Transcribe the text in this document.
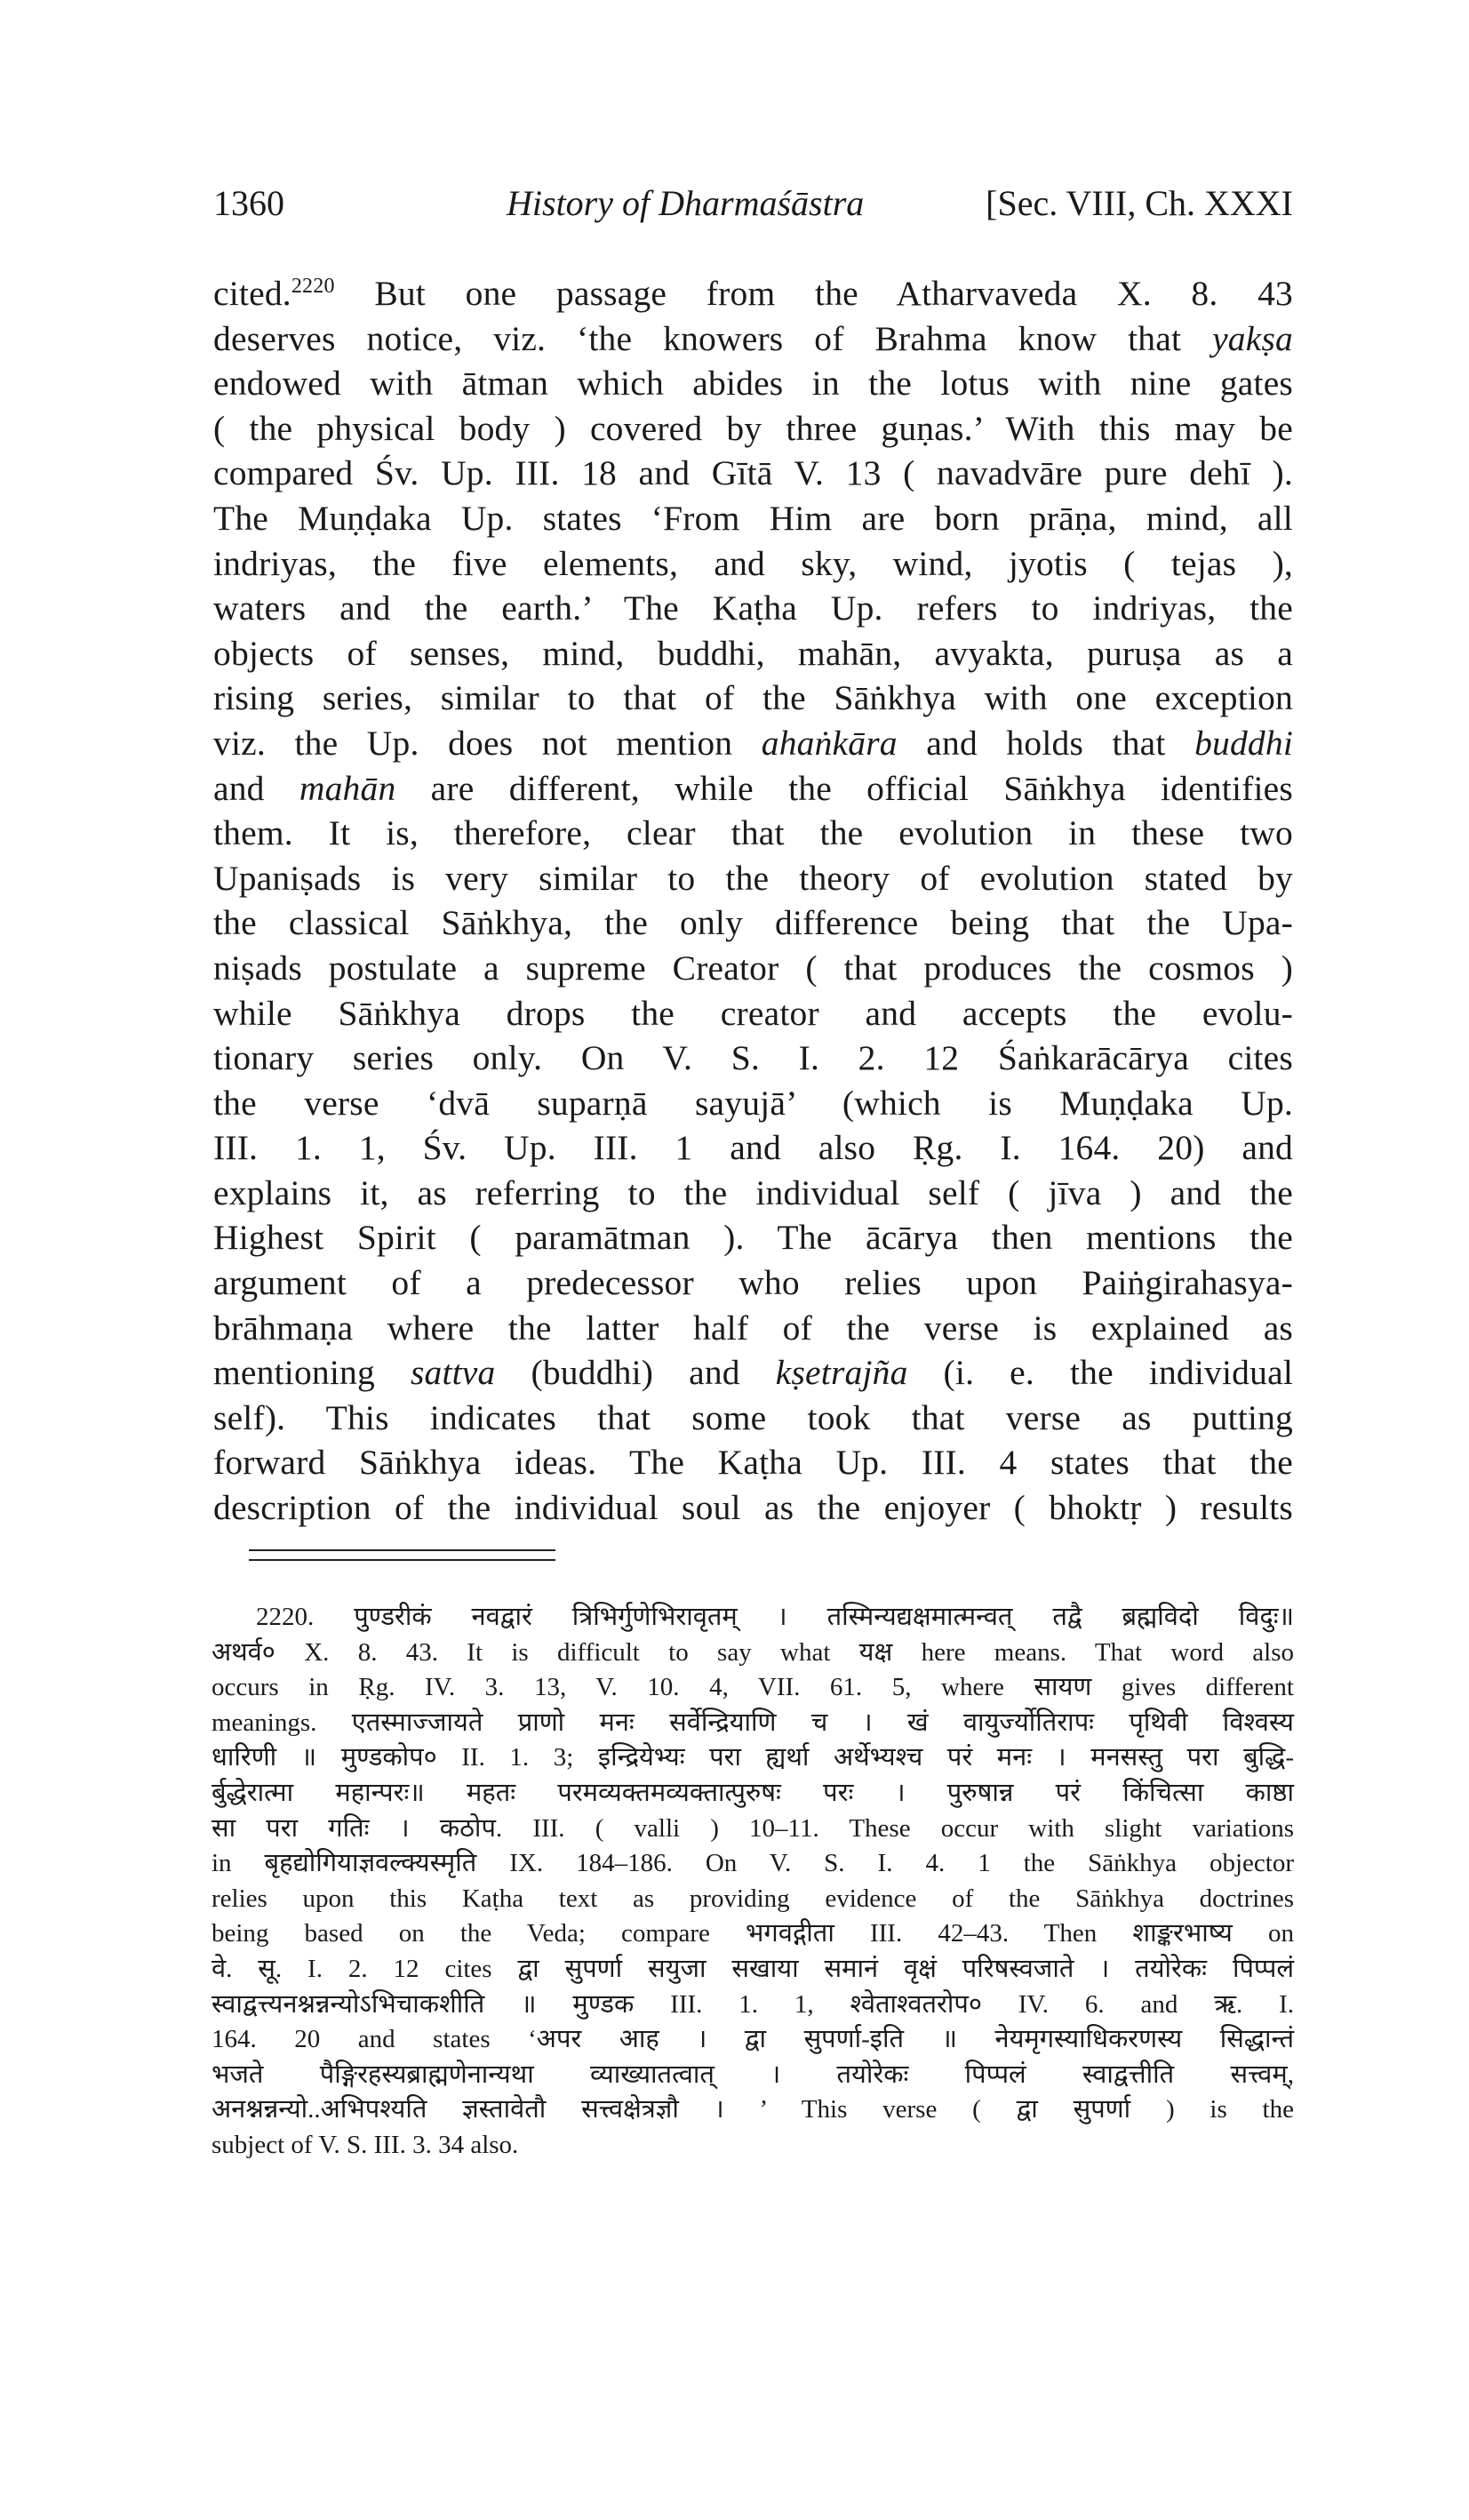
1360	History of Dharmaśāstra	[Sec. VIII, Ch. XXXI
cited.$^{2220}$ But one passage from the Atharvaveda X. 8. 43
deserves notice, viz. ‘the knowers of Brahma know that yakṣa
endowed with ātman which abides in the lotus with nine gates
( the physical body ) covered by three guṇas.’ With this may be
compared Śv. Up. III. 18 and Gītā V. 13 ( navadvāre pure dehī ).
The Muṇḍaka Up. states ‘From Him are born prāṇa, mind, all
indriyas, the five elements, and sky, wind, jyotis ( tejas ),
waters and the earth.’ The Kaṭha Up. refers to indriyas, the
objects of senses, mind, buddhi, mahān, avyakta, puruṣa as a
rising series, similar to that of the Sāṅkhya with one exception
viz. the Up. does not mention ahaṅkāra and holds that buddhi
and mahān are different, while the official Sāṅkhya identifies
them. It is, therefore, clear that the evolution in these two
Upaniṣads is very similar to the theory of evolution stated by
the classical Sāṅkhya, the only difference being that the Upa-
niṣads postulate a supreme Creator ( that produces the cosmos )
while Sāṅkhya drops the creator and accepts the evolu-
tionary series only. On V. S. I. 2. 12 Śaṅkarācārya cites
the verse ‘dvā suparṇā sayujā’ (which is Muṇḍaka Up.
III. 1. 1, Śv. Up. III. 1 and also Ṛg. I. 164. 20) and
explains it, as referring to the individual self ( jīva ) and the
Highest Spirit ( paramātman ). The ācārya then mentions the
argument of a predecessor who relies upon Paiṅgirahasya-
brāhmaṇa where the latter half of the verse is explained as
mentioning sattva (buddhi) and kṣetrajña (i. e. the individual
self). This indicates that some took that verse as putting
forward Sāṅkhya ideas. The Kaṭha Up. III. 4 states that the
description of the individual soul as the enjoyer ( bhoktṛ ) results
2220. पुण्डरीकं नवद्वारं त्रिभिर्गुणेभिरावृतम् । तस्मिन्यद्यक्षमात्मन्वत् तद्वै ब्रह्मविदो विदुः॥
अथर्व० X. 8. 43. It is difficult to say what यक्ष here means. That word also
occurs in Ṛg. IV. 3. 13, V. 10. 4, VII. 61. 5, where सायण gives different
meanings. एतस्माज्जायते प्राणो मनः सर्वेन्द्रियाणि च । खं वायुर्ज्योतिरापः पृथिवी विश्वस्य
धारिणी ॥ मुण्डकोप० II. 1. 3; इन्द्रियेभ्यः परा ह्यर्था अर्थेभ्यश्च परं मनः । मनसस्तु परा बुद्धि-
र्बुद्धेरात्मा महान्परः॥ महतः परमव्यक्तमव्यक्तात्पुरुषः परः । पुरुषान्न परं किंचित्सा काष्ठा
सा परा गतिः । कठोप. III. ( valli ) 10–11. These occur with slight variations
in बृहद्योगियाज्ञवल्क्यस्मृति IX. 184–186. On V. S. I. 4. 1 the Sāṅkhya objector
relies upon this Kaṭha text as providing evidence of the Sāṅkhya doctrines
being based on the Veda; compare भगवद्गीता III. 42–43. Then शाङ्करभाष्य on
वे. सू. I. 2. 12 cites द्वा सुपर्णा सयुजा सखाया समानं वृक्षं परिषस्वजाते । तयोरेकः पिप्पलं
स्वाद्वत्त्यनश्नन्नन्योऽभिचाकशीति ॥ मुण्डक III. 1. 1, श्वेताश्वतरोप० IV. 6. and ऋ. I.
164. 20 and states ‘अपर आह । द्वा सुपर्णा-इति ॥ नेयमृगस्याधिकरणस्य सिद्धान्तं
भजते पैङ्गिरहस्यब्राह्मणेनान्यथा व्याख्यातत्वात् । तयोरेकः पिप्पलं स्वाद्वत्तीति सत्त्वम्,
अनश्नन्नन्यो..अभिपश्यति ज्ञस्तावेतौ सत्त्वक्षेत्रज्ञौ । ’ This verse ( द्वा सुपर्णा ) is the
subject of V. S. III. 3. 34 also.
